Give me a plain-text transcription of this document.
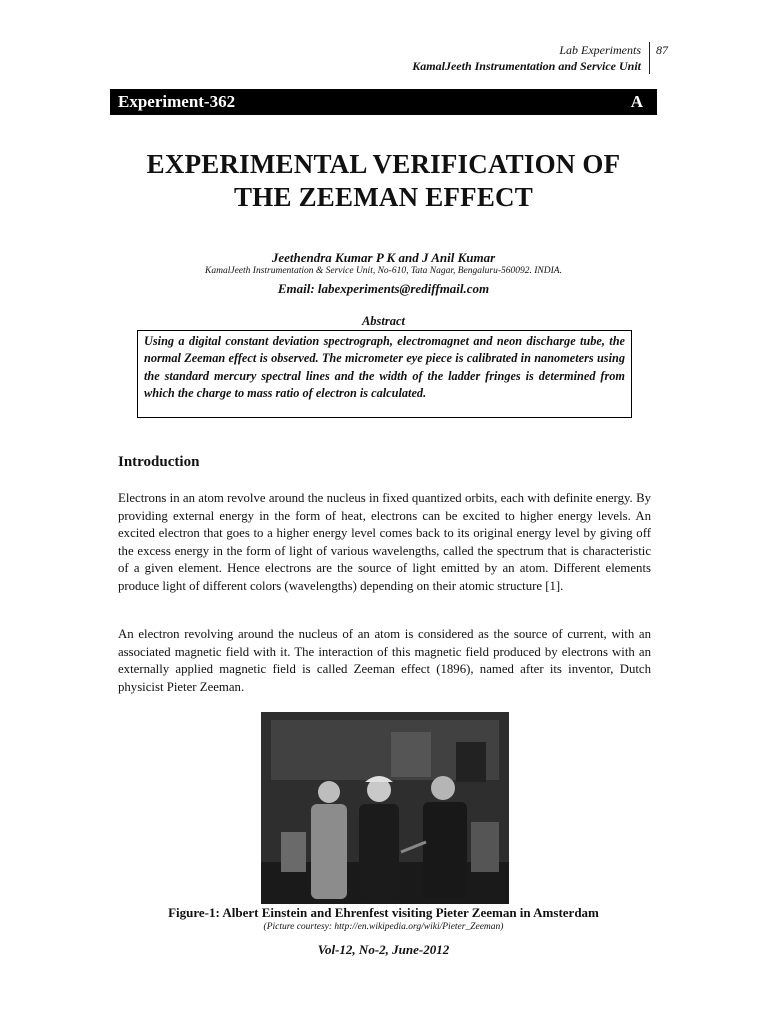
Lab Experiments
KamalJeeth Instrumentation and Service Unit
87
Experiment-362	A
EXPERIMENTAL VERIFICATION OF
THE ZEEMAN EFFECT
Jeethendra Kumar P K and J Anil Kumar
KamalJeeth Instrumentation & Service Unit, No-610, Tata Nagar, Bengaluru-560092. INDIA.
Email: labexperiments@rediffmail.com
Abstract
Using a digital constant deviation spectrograph, electromagnet and neon discharge tube, the normal Zeeman effect is observed. The micrometer eye piece is calibrated in nanometers using the standard mercury spectral lines and the width of the ladder fringes is determined from which the charge to mass ratio of electron is calculated.
Introduction
Electrons in an atom revolve around the nucleus in fixed quantized orbits, each with definite energy. By providing external energy in the form of heat, electrons can be excited to higher energy levels. An excited electron that goes to a higher energy level comes back to its original energy level by giving off the excess energy in the form of light of various wavelengths, called the spectrum that is characteristic of a given element. Hence electrons are the source of light emitted by an atom. Different elements produce light of different colors (wavelengths) depending on their atomic structure [1].
An electron revolving around the nucleus of an atom is considered as the source of current, with an associated magnetic field with it. The interaction of this magnetic field produced by electrons with an externally applied magnetic field is called Zeeman effect (1896), named after its inventor, Dutch physicist Pieter Zeeman.
Figure-1: Albert Einstein and Ehrenfest visiting Pieter Zeeman in Amsterdam
(Picture courtesy: http://en.wikipedia.org/wiki/Pieter_Zeeman)
Vol-12, No-2, June-2012
